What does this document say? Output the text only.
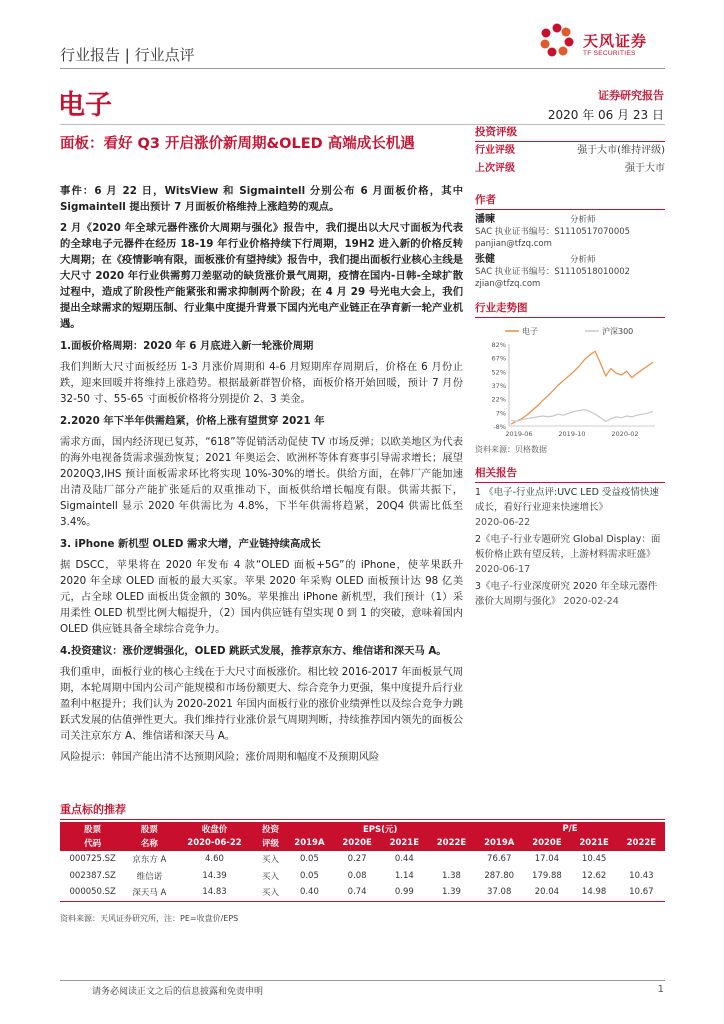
行业报告 | 行业点评
天风证券
TF SECURITIES
电子	证券研究报告
2020 年 06 月 23 日
面板：看好 Q3 开启涨价新周期&OLED 高端成长机遇

事件：6 月 22 日，WitsView 和 Sigmaintell 分别公布 6 月面板价格，其中 Sigmaintell 提出预计 7 月面板价格维持上涨趋势的观点。

2 月《2020 年全球元器件涨价大周期与强化》报告中，我们提出以大尺寸面板为代表的全球电子元器件在经历 18-19 年行业价格持续下行周期，19H2 进入新的价格反转大周期；在《疫情影响有限，面板涨价有望持续》报告中，我们提出面板行业核心主线是大尺寸 2020 年行业供需剪刀差驱动的缺货涨价景气周期，疫情在国内-日韩-全球扩散过程中，造成了阶段性产能紧张和需求抑制两个阶段；在 4 月 29 号光电大会上，我们提出全球需求的短期压制、行业集中度提升背景下国内光电产业链正在孕育新一轮产业机遇。

1.面板价格周期：2020 年 6 月底进入新一轮涨价周期

我们判断大尺寸面板经历 1-3 月涨价周期和 4-6 月短期库存周期后，价格在 6 月份止跌，迎来回暖并将维持上涨趋势。根据最新群智价格，面板价格开始回暖，预计 7 月份 32-50 寸、55-65 寸面板价格将分别提价 2、3 美金。

2.2020 年下半年供需趋紧，价格上涨有望贯穿 2021 年

需求方面，国内经济现已复苏，“618”等促销活动促使 TV 市场反弹；以欧美地区为代表的海外电视备货需求强劲恢复；2021 年奥运会、欧洲杯等体育赛事引导需求增长；展望 2020Q3,IHS 预计面板需求环比将实现 10%-30%的增长。供给方面，在韩厂产能加速出清及陆厂部分产能扩张延后的双重推动下，面板供给增长幅度有限。供需共振下，Sigmaintell 显示 2020 年供需比为 4.8%，下半年供需将趋紧，20Q4 供需比低至 3.4%。

3. iPhone 新机型 OLED 需求大增，产业链持续高成长

据 DSCC，苹果将在 2020 年发布 4 款“OLED 面板+5G”的 iPhone，使苹果跃升 2020 年全球 OLED 面板的最大买家。苹果 2020 年采购 OLED 面板预计达 98 亿美元，占全球 OLED 面板出货金额的 30%。苹果推出 iPhone 新机型，我们预计（1）采用柔性 OLED 机型比例大幅提升，（2）国内供应链有望实现 0 到 1 的突破，意味着国内 OLED 供应链具备全球综合竞争力。

4.投资建议：涨价逻辑强化，OLED 跳跃式发展，推荐京东方、维信诺和深天马 A。

我们重申，面板行业的核心主线在于大尺寸面板涨价。相比较 2016-2017 年面板景气周期，本轮周期中国内公司产能规模和市场份额更大、综合竞争力更强，集中度提升后行业盈利中枢提升；我们认为 2020-2021 年国内面板行业的涨价业绩弹性以及综合竞争力跳跃式发展的估值弹性更大。我们维持行业涨价景气周期判断，持续推荐国内领先的面板公司关注京东方 A、维信诺和深天马 A。

风险提示：韩国产能出清不达预期风险；涨价周期和幅度不及预期风险

投资评级
行业评级	强于大市(维持评级)
上次评级	强于大市
作者
潘暕	分析师
SAC 执业证书编号：S1110517070005
panjian@tfzq.com
张健	分析师
SAC 执业证书编号：S1110518010002
zjian@tfzq.com
行业走势图
电子	沪深300
-8%
7%
22%
37%
52%
67%
82%
2019-06	2019-10	2020-02
资料来源：贝格数据
相关报告
1 《电子-行业点评:UVC LED 受益疫情快速成长，看好行业迎来快速增长》
2020-06-22
2《电子-行业专题研究 Global Display：面板价格止跌有望反转，上游材料需求旺盛》 2020-06-17
3《电子-行业深度研究 2020 年全球元器件涨价大周期与强化》 2020-02-24
重点标的推荐
股票	股票	收盘价	投资	EPS(元)				P/E			
代码	名称	2020-06-22	评级	2019A	2020E	2021E	2022E	2019A	2020E	2021E	2022E
000725.SZ	京东方 A	4.60	买入	0.05	0.27	0.44		76.67	17.04	10.45	
002387.SZ	维信诺	14.39	买入	0.05	0.08	1.14	1.38	287.80	179.88	12.62	10.43
000050.SZ	深天马 A	14.83	买入	0.40	0.74	0.99	1.39	37.08	20.04	14.98	10.67
资料来源：天风证券研究所，注：PE=收盘价/EPS
请务必阅读正文之后的信息披露和免责申明	1
